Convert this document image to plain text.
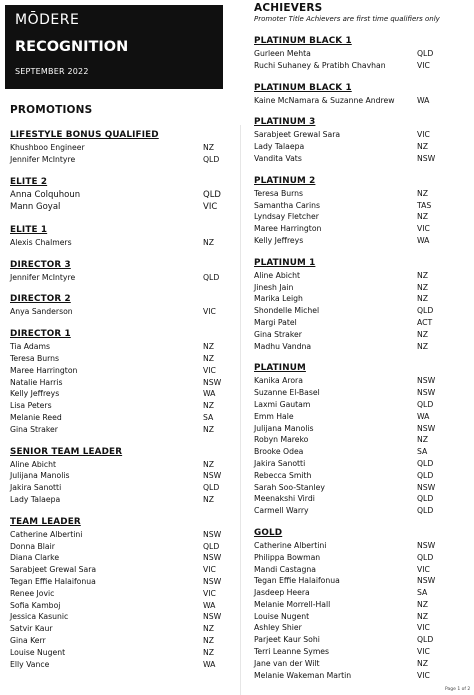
MŌDERE
RECOGNITION
SEPTEMBER 2022
PROMOTIONS
ACHIEVERS
Promoter Title Achievers are first time qualifiers only
LIFESTYLE BONUS QUALIFIED
Khushboo Engineer	NZ
Jennifer McIntyre	QLD
ELITE 2
Anna Colquhoun	QLD
Mann Goyal	VIC
ELITE 1
Alexis Chalmers	NZ
DIRECTOR 3
Jennifer McIntyre	QLD
DIRECTOR 2
Anya Sanderson	VIC
DIRECTOR 1
Tia Adams	NZ
Teresa Burns	NZ
Maree Harrington	VIC
Natalie Harris	NSW
Kelly Jeffreys	WA
Lisa Peters	NZ
Melanie Reed	SA
Gina Straker	NZ
SENIOR TEAM LEADER
Aline Abicht	NZ
Julijana Manolis	NSW
Jakira Sanotti	QLD
Lady Talaepa	NZ
TEAM LEADER
Catherine Albertini	NSW
Donna Blair	QLD
Diana Clarke	NSW
Sarabjeet Grewal Sara	VIC
Tegan Effie Halaifonua	NSW
Renee Jovic	VIC
Sofia Kamboj	WA
Jessica Kasunic	NSW
Satvir Kaur	NZ
Gina Kerr	NZ
Louise Nugent	NZ
Elly Vance	WA
PLATINUM BLACK 1
Gurleen Mehta	QLD
Ruchi Suhaney & Pratibh Chavhan	VIC
PLATINUM BLACK 1
Kaine McNamara & Suzanne Andrew	WA
PLATINUM 3
Sarabjeet Grewal Sara	VIC
Lady Talaepa	NZ
Vandita Vats	NSW
PLATINUM 2
Teresa Burns	NZ
Samantha Carins	TAS
Lyndsay Fletcher	NZ
Maree Harrington	VIC
Kelly Jeffreys	WA
PLATINUM 1
Aline Abicht	NZ
Jinesh Jain	NZ
Marika Leigh	NZ
Shondelle Michel	QLD
Margi Patel	ACT
Gina Straker	NZ
Madhu Vandna	NZ
PLATINUM
Kanika Arora	NSW
Suzanne El-Basel	NSW
Laxmi Gautam	QLD
Emm Hale	WA
Julijana Manolis	NSW
Robyn Mareko	NZ
Brooke Odea	SA
Jakira Sanotti	QLD
Rebecca Smith	QLD
Sarah Soo-Stanley	NSW
Meenakshi Virdi	QLD
Carmell Warry	QLD
GOLD
Catherine Albertini	NSW
Philippa Bowman	QLD
Mandi Castagna	VIC
Tegan Effie Halaifonua	NSW
Jasdeep Heera	SA
Melanie Morrell-Hall	NZ
Louise Nugent	NZ
Ashley Shier	VIC
Parjeet Kaur Sohi	QLD
Terri Leanne Symes	VIC
Jane van der Wilt	NZ
Melanie Wakeman Martin	VIC
Page 1 of 2
